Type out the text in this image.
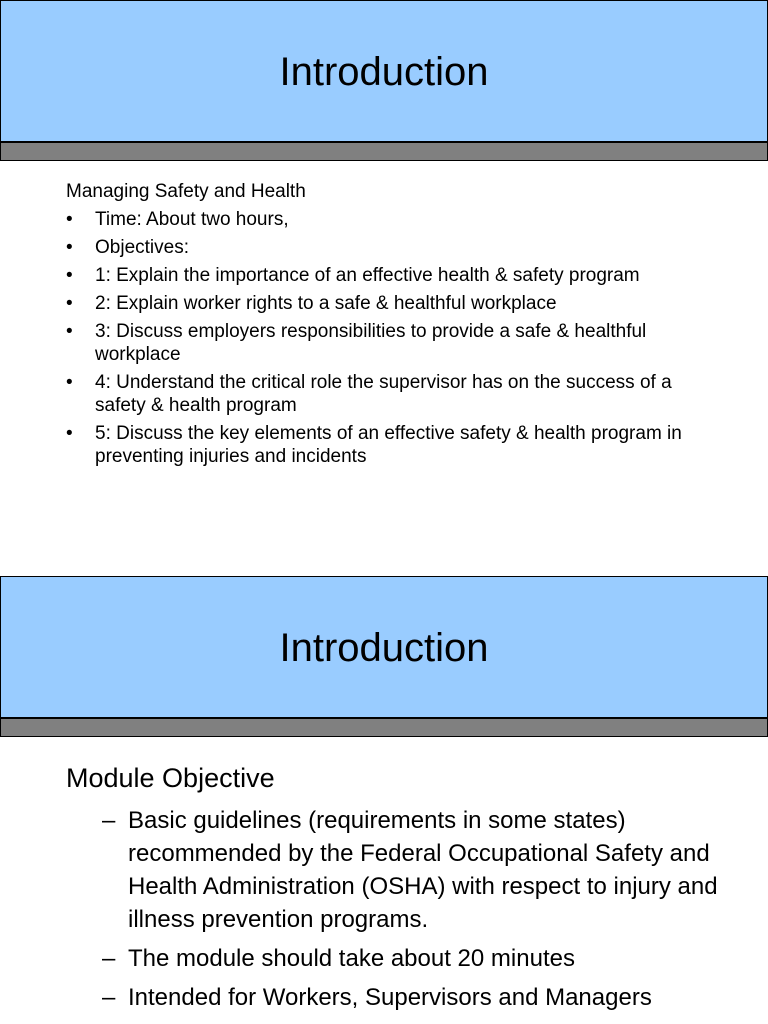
Introduction
Managing Safety and Health
• Time: About two hours,
• Objectives:
• 1: Explain the importance of an effective health & safety program
• 2: Explain worker rights to a safe & healthful workplace
• 3: Discuss employers responsibilities to provide a safe & healthful workplace
• 4: Understand the critical role the supervisor has on the success of a safety & health program
• 5: Discuss the key elements of an effective safety & health program in preventing injuries and incidents
Introduction
Module Objective
– Basic guidelines (requirements in some states) recommended by the Federal Occupational Safety and Health Administration (OSHA) with respect to injury and illness prevention programs.
– The module should take about 20 minutes
– Intended for Workers, Supervisors and Managers
